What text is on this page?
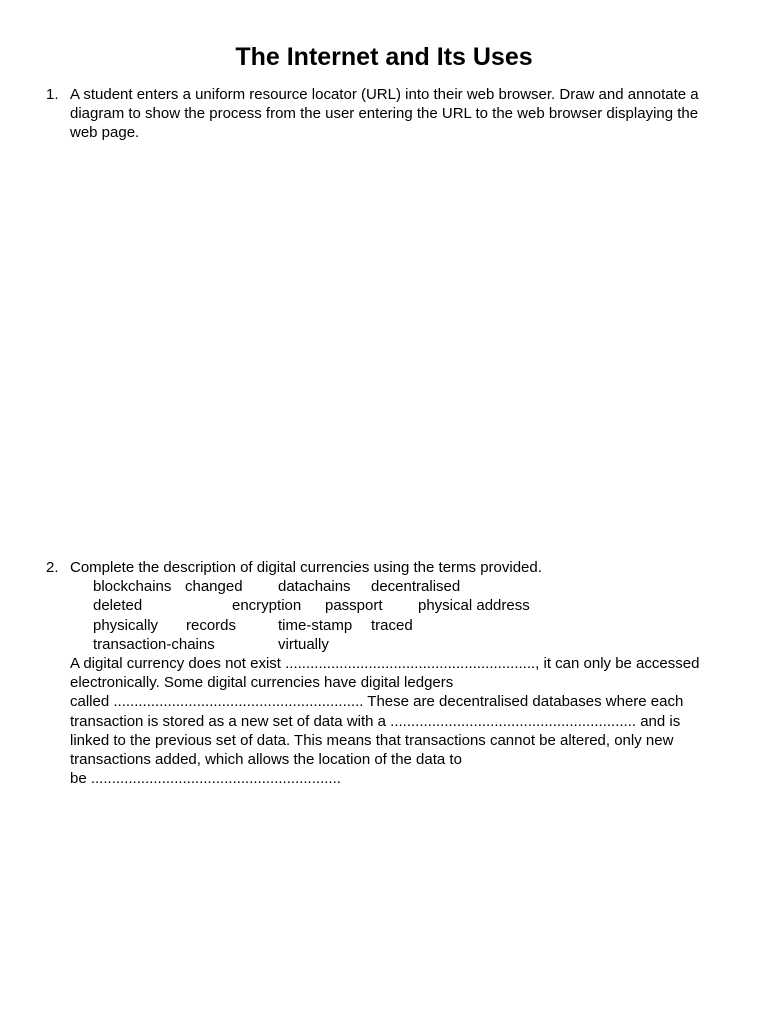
The Internet and Its Uses
1. A student enters a uniform resource locator (URL) into their web browser. Draw and annotate a diagram to show the process from the user entering the URL to the web browser displaying the web page.
2. Complete the description of digital currencies using the terms provided.
blockchains changed datachains decentralised
deleted	encryption passport physical address
physically records	time-stamp traced
transaction-chains	virtually
A digital currency does not exist ............................................................, it can only be accessed
electronically. Some digital currencies have digital ledgers
called ............................................................ These are decentralised databases where each
transaction is stored as a new set of data with a ........................................................... and is
linked to the previous set of data. This means that transactions cannot be altered, only new
transactions added, which allows the location of the data to
be ............................................................
